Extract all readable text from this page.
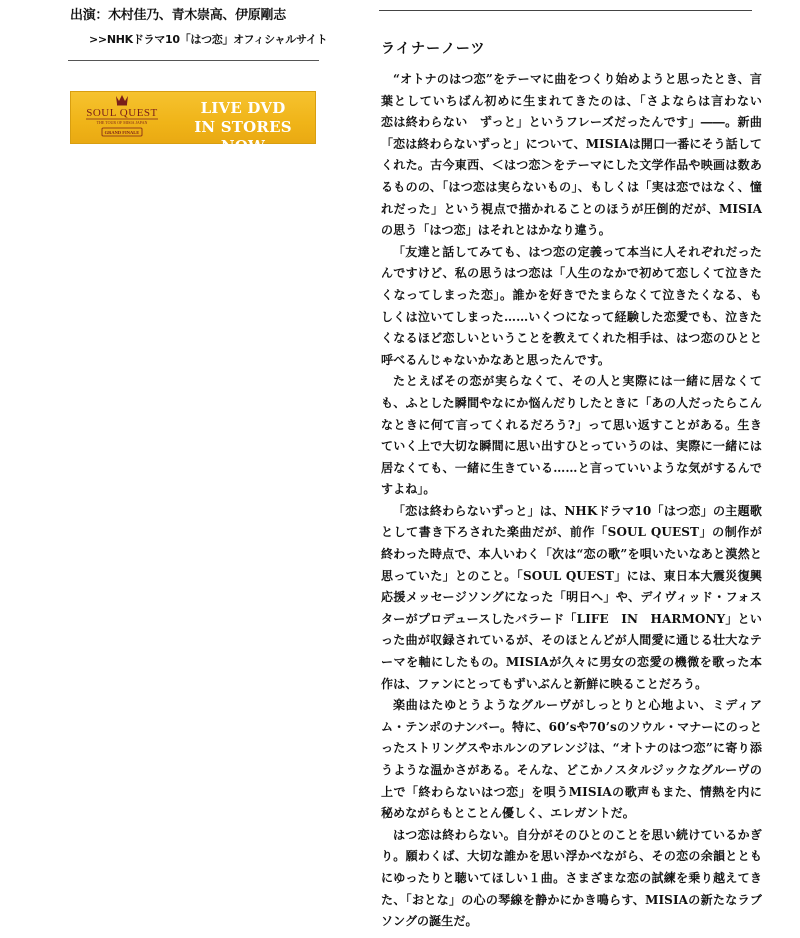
出演：木村佳乃、青木崇高、伊原剛志
>>NHKドラマ10「はつ恋」オフィシャルサイト
SOUL QUEST
THE TOUR OF MISIA JAPAN
GRAND FINALE
LIVE DVD
IN STORES NOW
ライナーノーツ

“オトナのはつ恋”をテーマに曲をつくり始めようと思ったとき、言葉としていちばん初めに生まれてきたのは、「さよならは言わない　恋は終わらない　ずっと」というフレーズだったんです」――。新曲「恋は終わらないずっと」について、MISIAは開口一番にそう話してくれた。古今東西、＜はつ恋＞をテーマにした文学作品や映画は数あるものの、「はつ恋は実らないもの」、もしくは「実は恋ではなく、憧れだった」という視点で描かれることのほうが圧倒的だが、MISIAの思う「はつ恋」はそれとはかなり違う。

「友達と話してみても、はつ恋の定義って本当に人それぞれだったんですけど、私の思うはつ恋は「人生のなかで初めて恋しくて泣きたくなってしまった恋」。誰かを好きでたまらなくて泣きたくなる、もしくは泣いてしまった……いくつになって経験した恋愛でも、泣きたくなるほど恋しいということを教えてくれた相手は、はつ恋のひとと呼べるんじゃないかなあと思ったんです。

たとえばその恋が実らなくて、その人と実際には一緒に居なくても、ふとした瞬間やなにか悩んだりしたときに「あの人だったらこんなときに何て言ってくれるだろう?」って思い返すことがある。生きていく上で大切な瞬間に思い出すひとっていうのは、実際に一緒には居なくても、一緒に生きている……と言っていいような気がするんですよね」。

「恋は終わらないずっと」は、NHKドラマ10「はつ恋」の主題歌として書き下ろされた楽曲だが、前作「SOUL QUEST」の制作が終わった時点で、本人いわく「次は“恋の歌”を唄いたいなあと漠然と思っていた」とのこと。「SOUL QUEST」には、東日本大震災復興応援メッセージソングになった「明日へ」や、デイヴィッド・フォスターがプロデュースしたバラード「LIFE　IN　HARMONY」といった曲が収録されているが、そのほとんどが人間愛に通じる壮大なテーマを軸にしたもの。MISIAが久々に男女の恋愛の機微を歌った本作は、ファンにとってもずいぶんと新鮮に映ることだろう。

楽曲はたゆとうようなグルーヴがしっとりと心地よい、ミディアム・テンポのナンバー。特に、60’sや70’sのソウル・マナーにのっとったストリングスやホルンのアレンジは、“オトナのはつ恋”に寄り添うような温かさがある。そんな、どこかノスタルジックなグルーヴの上で「終わらないはつ恋」を唄うMISIAの歌声もまた、情熱を内に秘めながらもとことん優しく、エレガントだ。

はつ恋は終わらない。自分がそのひとのことを思い続けているかぎり。願わくば、大切な誰かを思い浮かべながら、その恋の余韻とともにゆったりと聴いてほしい１曲。さまざまな恋の試練を乗り越えてきた、「おとな」の心の琴線を静かにかき鳴らす、MISIAの新たなラブソングの誕生だ。
